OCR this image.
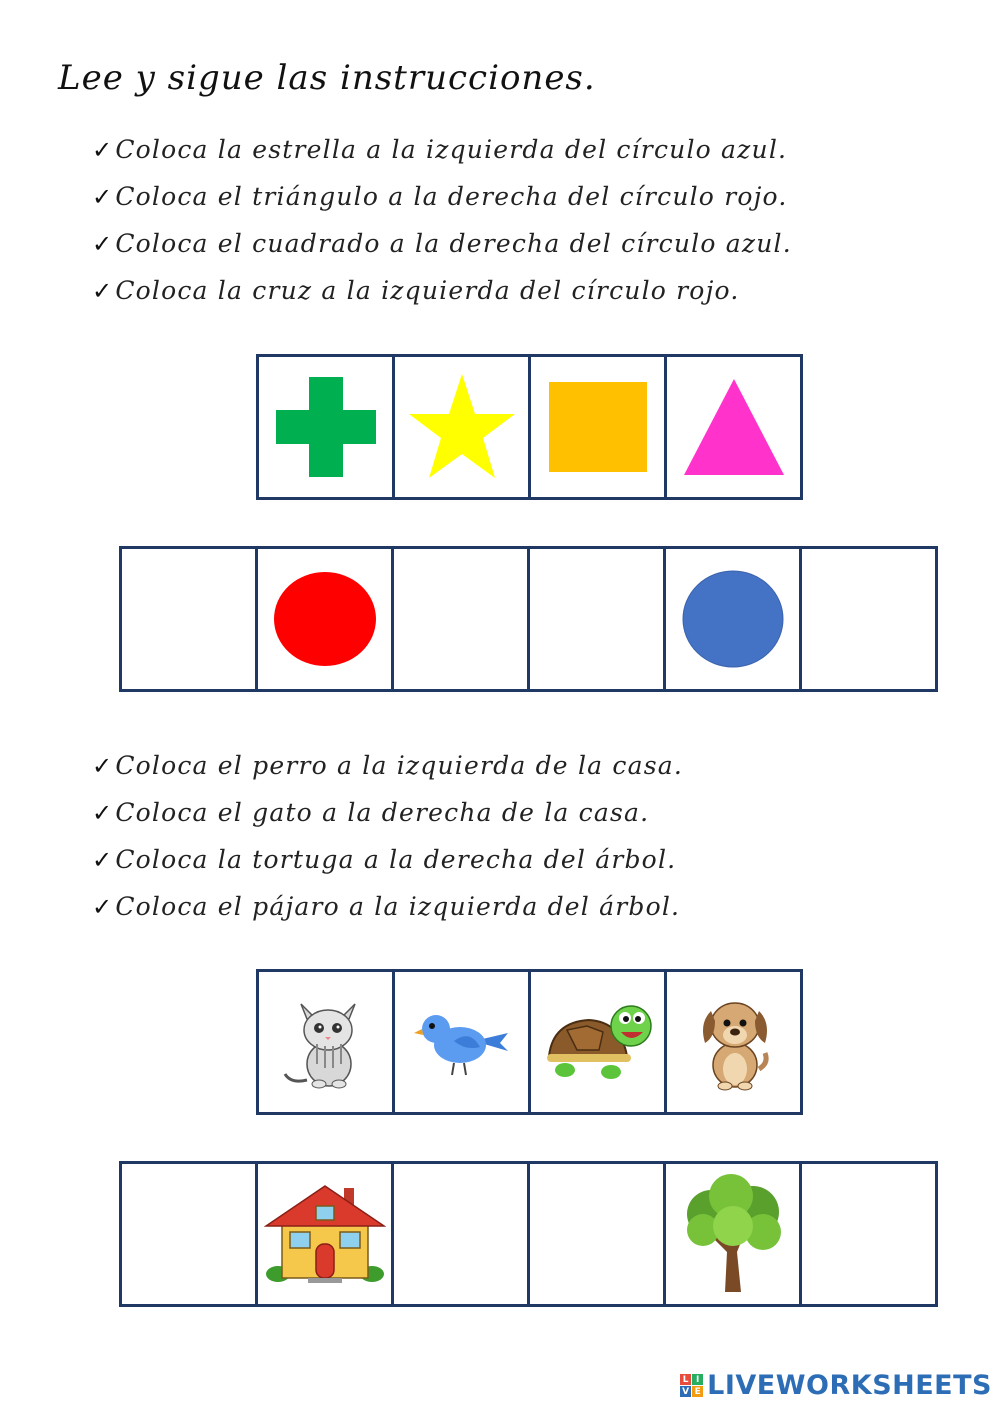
Lee y sigue las instrucciones.
✓Coloca la estrella a la izquierda del círculo azul.
✓Coloca el triángulo a la derecha del círculo rojo.
✓Coloca el cuadrado a la derecha del círculo azul.
✓Coloca la cruz a la izquierda del círculo rojo.
✓Coloca el perro a la izquierda de la casa.
✓Coloca el gato a la derecha de la casa.
✓Coloca la tortuga a la derecha del árbol.
✓Coloca el pájaro a la izquierda del árbol.
L I
V E LIVEWORKSHEETS
